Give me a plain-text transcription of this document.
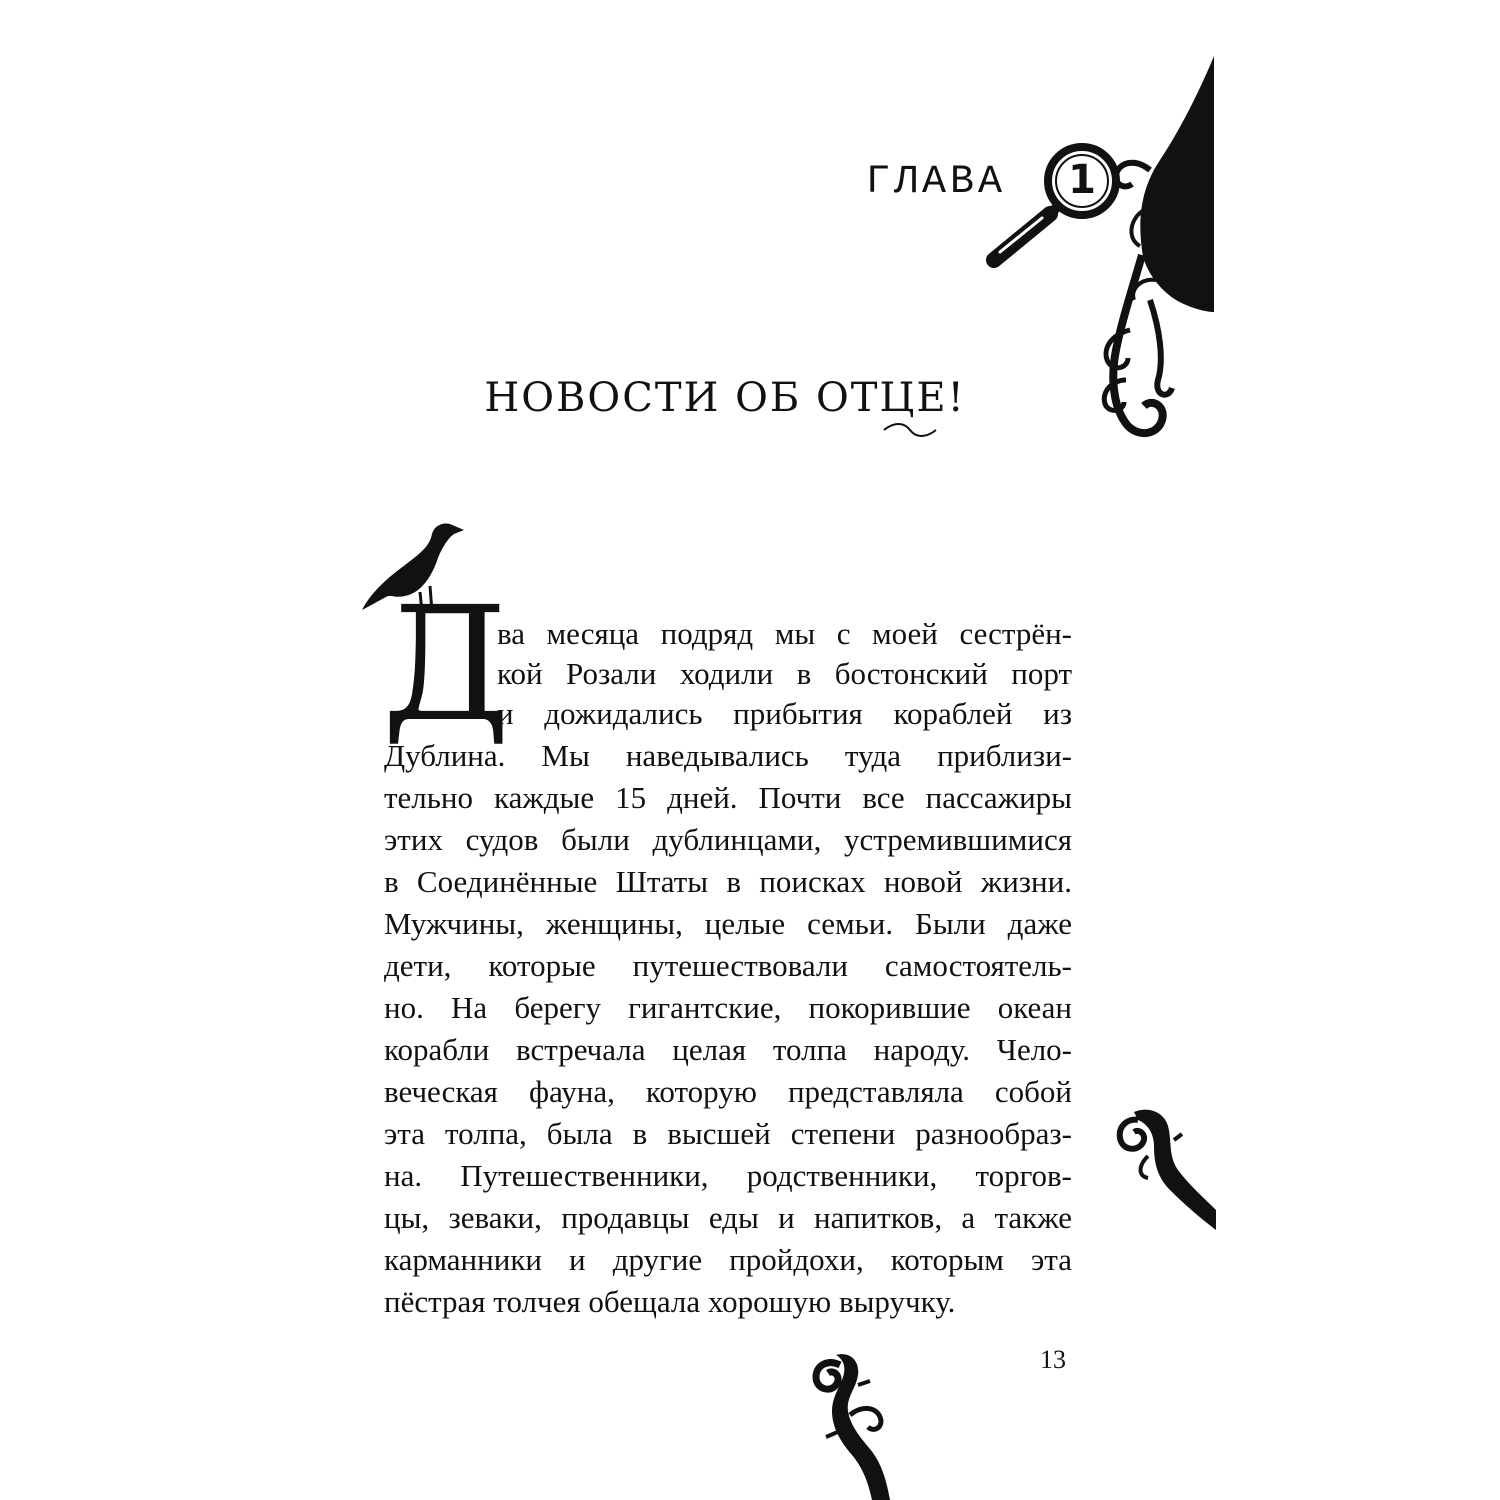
ГЛАВА	1
НОВОСТИ ОБ ОТЦЕ!
Д
ва месяца подряд мы с моей сестрён-
кой Розали ходили в бостонский порт
и дожидались прибытия кораблей из
Дублина. Мы наведывались туда приблизи-
тельно каждые 15 дней. Почти все пассажиры
этих судов были дублинцами, устремившимися
в Соединённые Штаты в поисках новой жизни.
Мужчины, женщины, целые семьи. Были даже
дети, которые путешествовали самостоятель-
но. На берегу гигантские, покорившие океан
корабли встречала целая толпа народу. Чело-
веческая фауна, которую представляла собой
эта толпа, была в высшей степени разнообраз-
на. Путешественники, родственники, торгов-
цы, зеваки, продавцы еды и напитков, а также
карманники и другие пройдохи, которым эта
пёстрая толчея обещала хорошую выручку.
13
